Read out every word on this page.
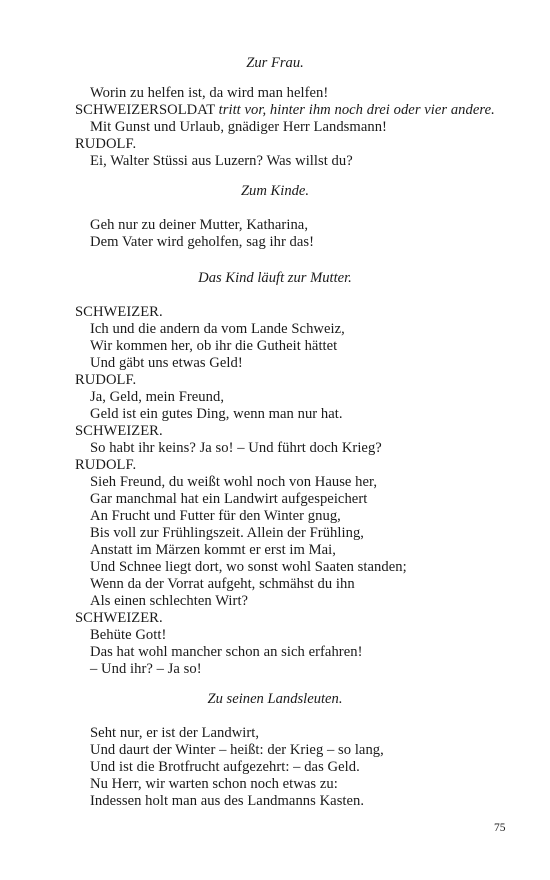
Zur Frau.
Worin zu helfen ist, da wird man helfen!
SCHWEIZERSOLDAT tritt vor, hinter ihm noch drei oder vier andere.
Mit Gunst und Urlaub, gnädiger Herr Landsmann!
RUDOLF.
Ei, Walter Stüssi aus Luzern? Was willst du?
Zum Kinde.
Geh nur zu deiner Mutter, Katharina,
Dem Vater wird geholfen, sag ihr das!
Das Kind läuft zur Mutter.
SCHWEIZER.
Ich und die andern da vom Lande Schweiz,
Wir kommen her, ob ihr die Gutheit hättet
Und gäbt uns etwas Geld!
RUDOLF.
Ja, Geld, mein Freund,
Geld ist ein gutes Ding, wenn man nur hat.
SCHWEIZER.
So habt ihr keins? Ja so! – Und führt doch Krieg?
RUDOLF.
Sieh Freund, du weißt wohl noch von Hause her,
Gar manchmal hat ein Landwirt aufgespeichert
An Frucht und Futter für den Winter gnug,
Bis voll zur Frühlingszeit. Allein der Frühling,
Anstatt im Märzen kommt er erst im Mai,
Und Schnee liegt dort, wo sonst wohl Saaten standen;
Wenn da der Vorrat aufgeht, schmähst du ihn
Als einen schlechten Wirt?
SCHWEIZER.
Behüte Gott!
Das hat wohl mancher schon an sich erfahren!
– Und ihr? – Ja so!
Zu seinen Landsleuten.
Seht nur, er ist der Landwirt,
Und daurt der Winter – heißt: der Krieg – so lang,
Und ist die Brotfrucht aufgezehrt: – das Geld.
Nu Herr, wir warten schon noch etwas zu:
Indessen holt man aus des Landmanns Kasten.
75
